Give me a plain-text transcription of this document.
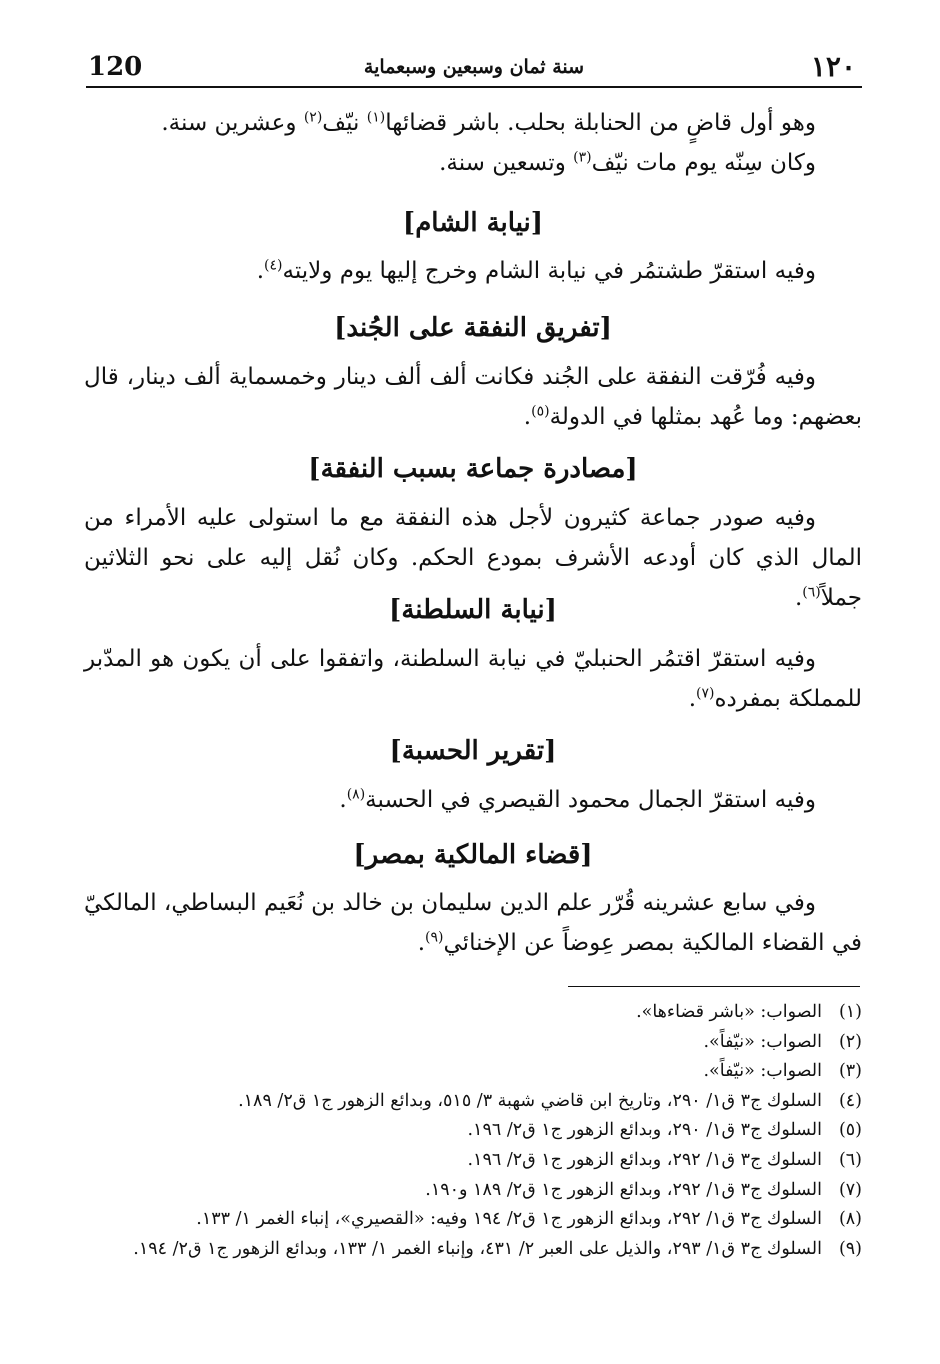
120	سنة ثمان وسبعين وسبعماية	١٢٠

وهو أول قاضٍ من الحنابلة بحلب. باشر قضائها$^{(١)}$ نيّف$^{(٢)}$ وعشرين سنة.

وكان سِنّه يوم مات نيّف$^{(٣)}$ وتسعين سنة.

[نيابة الشام]

وفيه استقرّ طشتمُر في نيابة الشام وخرج إليها يوم ولايته$^{(٤)}$.

[تفريق النفقة على الجُند]

وفيه فُرّقت النفقة على الجُند فكانت ألف ألف دينار وخمسماية ألف دينار، قال بعضهم: وما عُهد بمثلها في الدولة$^{(٥)}$.

[مصادرة جماعة بسبب النفقة]

وفيه صودر جماعة كثيرون لأجل هذه النفقة مع ما استولى عليه الأمراء من المال الذي كان أودعه الأشرف بمودع الحكم. وكان نُقل إليه على نحو الثلاثين جملاً$^{(٦)}$.

[نيابة السلطنة]

وفيه استقرّ اقتمُر الحنبليّ في نيابة السلطنة، واتفقوا على أن يكون هو المدّبر للمملكة بمفرده$^{(٧)}$.

[تقرير الحسبة]

وفيه استقرّ الجمال محمود القيصري في الحسبة$^{(٨)}$.

[قضاء المالكية بمصر]

وفي سابع عشرينه قُرّر علم الدين سليمان بن خالد بن نُعَيم البساطي، المالكيّ في القضاء المالكية بمصر عِوضاً عن الإخنائي$^{(٩)}$.

(١)
الصواب: «باشر قضاءها».
(٢)
الصواب: «نيّفاً».
(٣)
الصواب: «نيّفاً».
(٤)
السلوك ج٣ ق١/ ٢٩٠، وتاريخ ابن قاضي شهبة ٣/ ٥١٥، وبدائع الزهور ج١ ق٢/ ١٨٩.
(٥)
السلوك ج٣ ق١/ ٢٩٠، وبدائع الزهور ج١ ق٢/ ١٩٦.
(٦)
السلوك ج٣ ق١/ ٢٩٢، وبدائع الزهور ج١ ق٢/ ١٩٦.
(٧)
السلوك ج٣ ق١/ ٢٩٢، وبدائع الزهور ج١ ق٢/ ١٨٩ و١٩٠.
(٨)
السلوك ج٣ ق١/ ٢٩٢، وبدائع الزهور ج١ ق٢/ ١٩٤ وفيه: «القصيري»، إنباء الغمر ١/ ١٣٣.
(٩)
السلوك ج٣ ق١/ ٢٩٣، والذيل على العبر ٢/ ٤٣١، وإنباء الغمر ١/ ١٣٣، وبدائع الزهور ج١ ق٢/ ١٩٤.
